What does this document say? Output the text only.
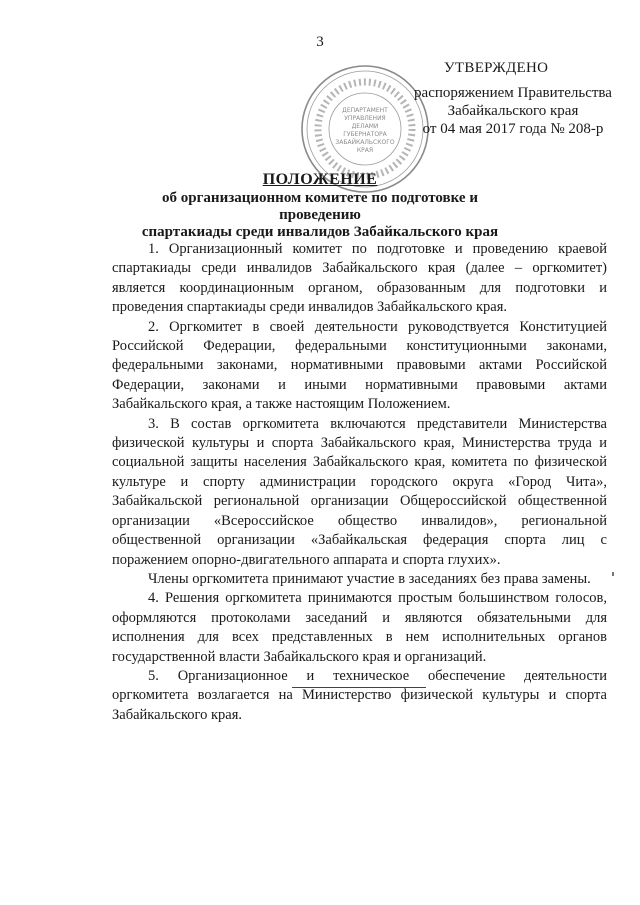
3
ДЕПАРТАМЕНТ
УПРАВЛЕНИЯ
ДЕЛАМИ
ГУБЕРНАТОРА
ЗАБАЙКАЛЬСКОГО
КРАЯ
УТВЕРЖДЕНО
распоряжением Правительства
Забайкальского края
от 04 мая 2017 года № 208-р
ПОЛОЖЕНИЕ
об организационном комитете по подготовке и проведению
спартакиады среди инвалидов Забайкальского края

1. Организационный комитет по подготовке и проведению краевой спартакиады среди инвалидов Забайкальского края (далее – оргкомитет) является координационным органом, образованным для подготовки и проведения спартакиады среди инвалидов Забайкальского края.

2. Оргкомитет в своей деятельности руководствуется Конституцией Российской Федерации, федеральными конституционными законами, федеральными законами, нормативными правовыми актами Российской Федерации, законами и иными нормативными правовыми актами Забайкальского края, а также настоящим Положением.

3. В состав оргкомитета включаются представители Министерства физической культуры и спорта Забайкальского края, Министерства труда и социальной защиты населения Забайкальского края, комитета по физической культуре и спорту администрации городского округа «Город Чита», Забайкальской региональной организации Общероссийской общественной организации «Всероссийское общество инвалидов», региональной общественной организации «Забайкальская федерация спорта лиц с поражением опорно-двигательного аппарата и спорта глухих».

Члены оргкомитета принимают участие в заседаниях без права замены.

4. Решения оргкомитета принимаются простым большинством голосов, оформляются протоколами заседаний и являются обязательными для исполнения для всех представленных в нем исполнительных органов государственной власти Забайкальского края и организаций.

5. Организационное и техническое обеспечение деятельности оргкомитета возлагается на Министерство физической культуры и спорта Забайкальского края.
